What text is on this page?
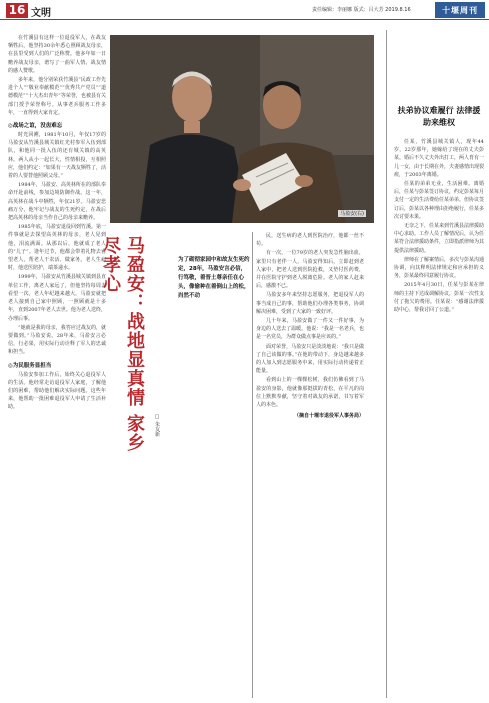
16 文明	责任编辑：李丽娜 版式：吕大芳 2019.8.16	十堰周刊
马盈安(右)

在竹溪县有这样一位退役军人，在战友牺牲后，他坚持30余年悉心照顾战友母亲，在县里受到人们的广泛称赞。他多年如一日赡养战友母亲，谱写了一曲军人情、战友情的感人赞歌。

多年来，他分别荣获竹溪县“民政工作先进个人”“敬业奉献模范”“优秀共产党员”“道德模范”“十大杰出青年”等荣誉，也被县有关部门授予荣誉称号。从事老兵服务工作多年，一直得到大家肯定。

◎战场之谊，没齿难忘

时光回溯，1981年10月，年仅17岁的马盈安从竹溪县城关镇红光村参军入伍到部队，和他同一批入伍的还有城关镇的高英林。两人从小一起长大，性情相投，互相照应，他们约定：“如果有一天战友牺牲了，活着的人要替他照顾父母。”

1984年，马盈安、高英林所在的部队奉命开赴前线，参加边境防御作战。这一年，高英林在战斗中牺牲，年仅21岁。马盈安悲痛万分，他牢记与战友的生死约定，在战后把高英林的母亲当作自己的母亲来赡养。

1985年底，马盈安退役回到竹溪。第一件事就是去探望高英林的母亲，老人见到他，泪流满面。从那以后，他就成了老人的“儿子”。逢年过节，他都会带着礼物去看望老人，帮老人干农活、做家务。老人生病时，他送医陪护，端茶递水。

1999年，马盈安从竹溪县城关镇到县直单位工作，离老人家远了，但他坚持每周去看望一次。老人年纪越来越大，马盈安就把老人接到自己家中照顾，一照顾就是十多年，直到2007年老人去世。他为老人送终，办理后事。

“她就是我的母亲，我答应过战友的，就要做到。”马盈安说。28年来，马盈安言必信，行必果，用实际行动诠释了军人的忠诚和担当。

◎为民服务显担当

马盈安参加工作后，始终关心退役军人的生活。他经常走访退役军人家庭，了解他们的困难，帮助他们解决实际问题。这些年来，他帮助一批困难退役军人申请了生活补助。	马盈安：战地显真情 家乡尽孝心
□ 朱友新
为了砌彻家园中和故友生死约定，28年，马盈安言必信，行笃敬，着晋土尊亲任在心头，像偷种在着倒山上的松，岿然不动

民，送生病的老人到医院治疗，他都一丝不苟。

有一次，一位79岁的老人突发急性脑出血，家里只有老伴一人，马盈安得知后，立即赶到老人家中，把老人送到医院抢救，又垫付医药费，并在医院守护到老人脱离危险。老人的家人赶来后，感激不已。

马盈安多年来坚持志愿服务，把退役军人的事当成自己的事，帮助他们办理各类事务，协调解决困难，受到了大家的一致好评。

几十年来，马盈安做了一件又一件好事，为身边的人送去了温暖。他说：“我是一名老兵，也是一名党员，为群众做点事是应该的。”

面对荣誉，马盈安只是淡淡地说：“我只是做了自己该做的事。”在他的带动下，身边越来越多的人加入到志愿服务中来，用实际行动传递着正能量。

看到山上的一棵棵松树，我们仿佛看到了马盈安的身影，他就像那挺拔的青松，在平凡的岗位上默默奉献，坚守着对战友的承诺，书写着军人的本色。

（摘自十堰市退役军人事务局）
扶弟协议难履行 法律援助来维权

任某，竹溪县城关镇人，现年44岁，22岁那年，她嫁给了现在的丈夫彭某。婚后不久丈夫外出打工，两人育有一儿一女，由于长期在外，夫妻感情出现裂痕，于2003年离婚。

任某的弟弟无业，生活困难。离婚后，任某与彭某签订协议，约定彭某每月支付一定的生活费给任某弟弟。但协议签订后，彭某以各种理由拒绝履行，任某多次讨要未果。

无奈之下，任某来到竹溪县法律援助中心求助。工作人员了解情况后，认为任某符合法律援助条件，立即指派律师为其提供法律援助。

律师在了解案情后，多次与彭某沟通协调，向其释明法律规定和应承担的义务，彭某最终同意履行协议。

2015年4月30日，任某与彭某在律师的主持下达成调解协议，彭某一次性支付了拖欠的费用。任某说：“感谢法律援助中心，帮我讨回了公道。”
